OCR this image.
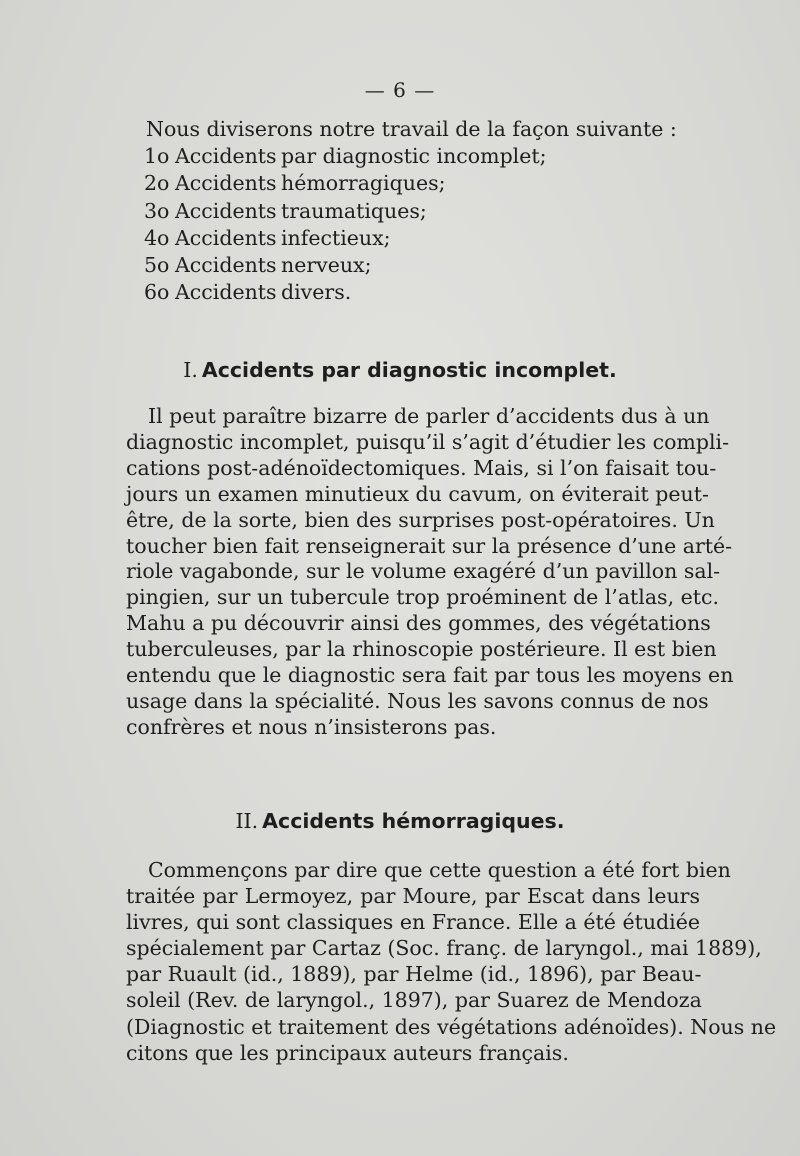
— 6 —
Nous diviserons notre travail de la façon suivante :
1o Accidents par diagnostic incomplet;
2o Accidents hémorragiques;
3o Accidents traumatiques;
4o Accidents infectieux;
5o Accidents nerveux;
6o Accidents divers.
I. Accidents par diagnostic incomplet.
Il peut paraître bizarre de parler d’accidents dus à un
diagnostic incomplet, puisqu’il s’agit d’étudier les compli-
cations post-adénoïdectomiques. Mais, si l’on faisait tou-
jours un examen minutieux du cavum, on éviterait peut-
être, de la sorte, bien des surprises post-opératoires. Un
toucher bien fait renseignerait sur la présence d’une arté-
riole vagabonde, sur le volume exagéré d’un pavillon sal-
pingien, sur un tubercule trop proéminent de l’atlas, etc.
Mahu a pu découvrir ainsi des gommes, des végétations
tuberculeuses, par la rhinoscopie postérieure. Il est bien
entendu que le diagnostic sera fait par tous les moyens en
usage dans la spécialité. Nous les savons connus de nos
confrères et nous n’insisterons pas.
II. Accidents hémorragiques.
Commençons par dire que cette question a été fort bien
traitée par Lermoyez, par Moure, par Escat dans leurs
livres, qui sont classiques en France. Elle a été étudiée
spécialement par Cartaz (Soc. franç. de laryngol., mai 1889),
par Ruault (id., 1889), par Helme (id., 1896), par Beau-
soleil (Rev. de laryngol., 1897), par Suarez de Mendoza
(Diagnostic et traitement des végétations adénoïdes). Nous ne
citons que les principaux auteurs français.
